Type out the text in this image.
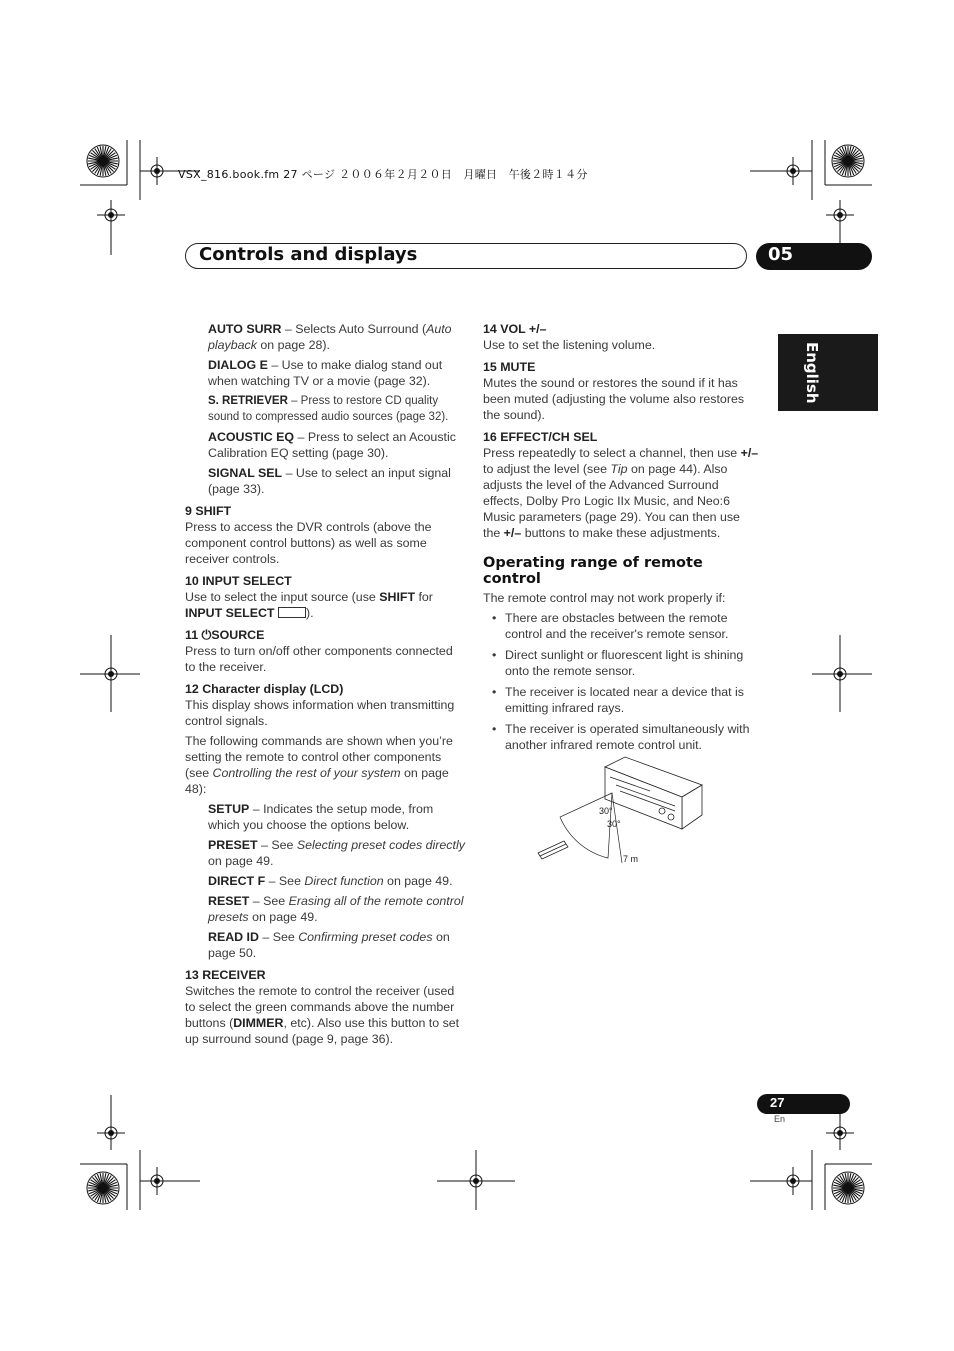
VSX_816.book.fm 27 ページ ２００６年２月２０日　月曜日　午後２時１４分
Controls and displays	05
English

AUTO SURR – Selects Auto Surround (Auto playback on page 28).

DIALOG E – Use to make dialog stand out when watching TV or a movie (page 32).

S. RETRIEVER – Press to restore CD quality sound to compressed audio sources (page 32).

ACOUSTIC EQ – Press to select an Acoustic Calibration EQ setting (page 30).

SIGNAL SEL – Use to select an input signal (page 33).

9 SHIFT

Press to access the DVR controls (above the component control buttons) as well as some receiver controls.

10 INPUT SELECT

Use to select the input source (use SHIFT for INPUT SELECT	).

11 ⏻SOURCE

Press to turn on/off other components connected to the receiver.

12 Character display (LCD)

This display shows information when transmitting control signals.

The following commands are shown when you’re setting the remote to control other components (see Controlling the rest of your system on page 48):

SETUP – Indicates the setup mode, from which you choose the options below.

PRESET – See Selecting preset codes directly on page 49.

DIRECT F – See Direct function on page 49.

RESET – See Erasing all of the remote control presets on page 49.

READ ID – See Confirming preset codes on page 50.

13 RECEIVER

Switches the remote to control the receiver (used to select the green commands above the number buttons (DIMMER, etc). Also use this button to set up surround sound (page 9, page 36).

14 VOL +/–

Use to set the listening volume.

15 MUTE

Mutes the sound or restores the sound if it has been muted (adjusting the volume also restores the sound).

16 EFFECT/CH SEL

Press repeatedly to select a channel, then use +/– to adjust the level (see Tip on page 44). Also adjusts the level of the Advanced Surround effects, Dolby Pro Logic IIx Music, and Neo:6 Music parameters (page 29). You can then use the +/– buttons to make these adjustments.

Operating range of remote control

The remote control may not work properly if:

• There are obstacles between the remote control and the receiver's remote sensor.
• Direct sunlight or fluorescent light is shining onto the remote sensor.
• The receiver is located near a device that is emitting infrared rays.
• The receiver is operated simultaneously with another infrared remote control unit.
30°
30°
7 m
27
En
